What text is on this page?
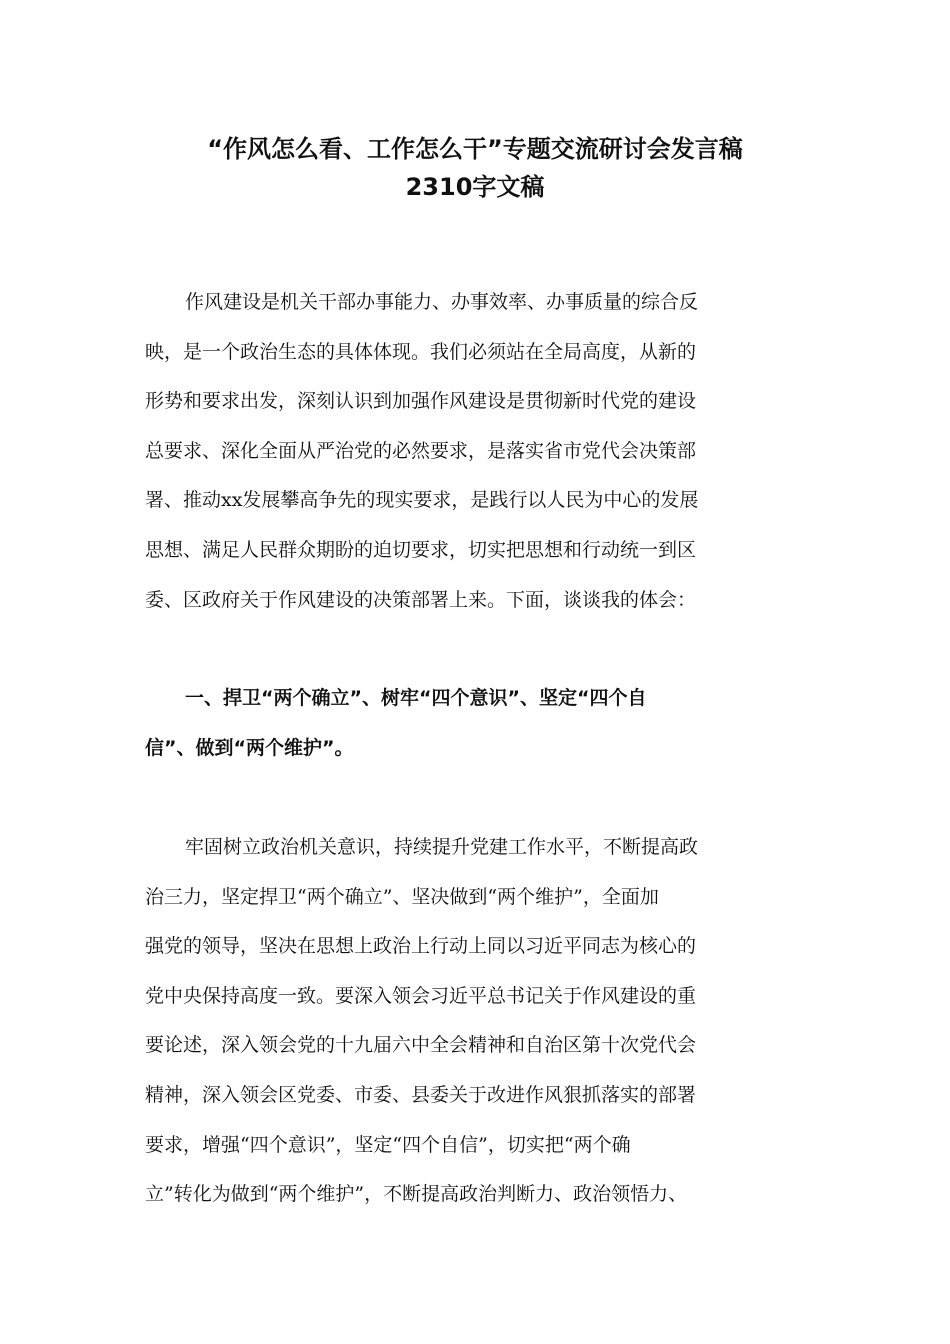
“作风怎么看、工作怎么干”专题交流研讨会发言稿
2310字文稿
作风建设是机关干部办事能力、办事效率、办事质量的综合反
映，是一个政治生态的具体体现。我们必须站在全局高度，从新的
形势和要求出发，深刻认识到加强作风建设是贯彻新时代党的建设
总要求、深化全面从严治党的必然要求，是落实省市党代会决策部
署、推动xx发展攀高争先的现实要求，是践行以人民为中心的发展
思想、满足人民群众期盼的迫切要求，切实把思想和行动统一到区
委、区政府关于作风建设的决策部署上来。下面，谈谈我的体会：
一、捍卫“两个确立”、树牢“四个意识”、坚定“四个自
信”、做到“两个维护”。
牢固树立政治机关意识，持续提升党建工作水平，不断提高政
治三力，坚定捍卫“两个确立”、坚决做到“两个维护”，全面加
强党的领导，坚决在思想上政治上行动上同以习近平同志为核心的
党中央保持高度一致。要深入领会习近平总书记关于作风建设的重
要论述，深入领会党的十九届六中全会精神和自治区第十次党代会
精神，深入领会区党委、市委、县委关于改进作风狠抓落实的部署
要求，增强“四个意识”，坚定“四个自信”，切实把“两个确
立”转化为做到“两个维护”，不断提高政治判断力、政治领悟力、
